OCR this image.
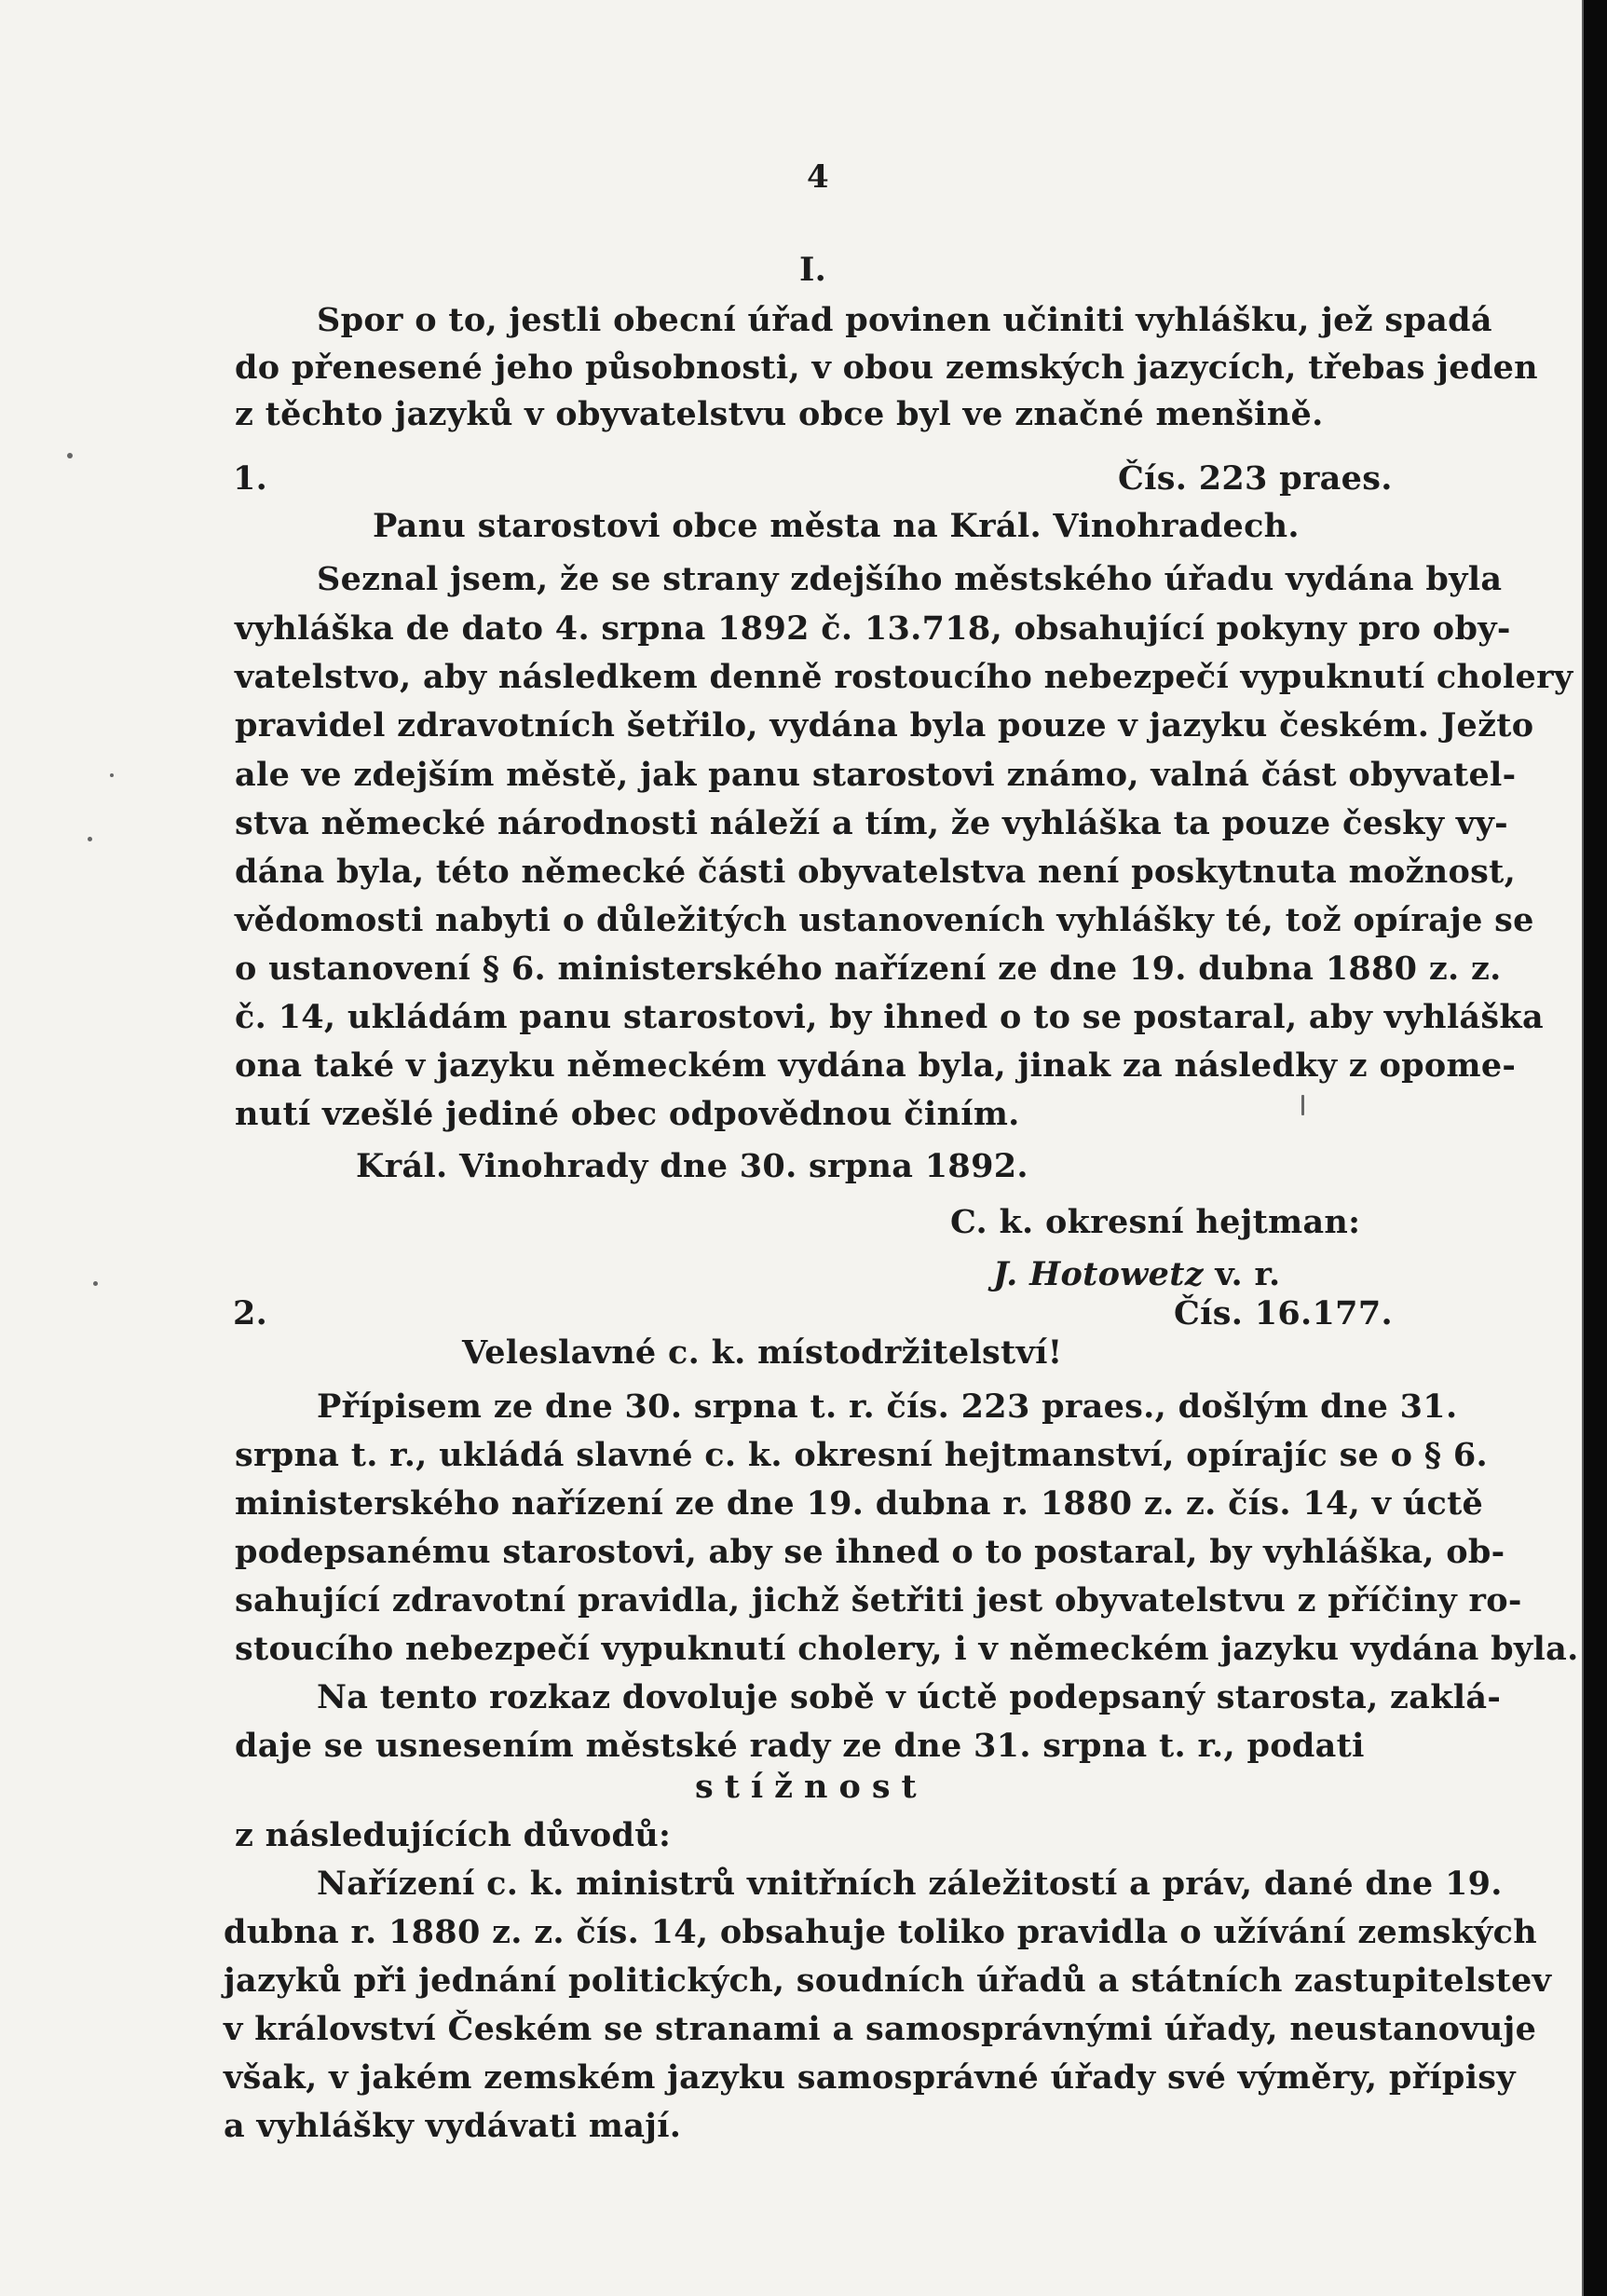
4
I.
Spor o to, jestli obecní úřad povinen učiniti vyhlášku, jež spadá
do přenesené jeho působnosti, v obou zemských jazycích, třebas jeden
z těchto jazyků v obyvatelstvu obce byl ve značné menšině.
1.	Čís. 223 praes.
Panu starostovi obce města na Král. Vinohradech.
Seznal jsem, že se strany zdejšího městského úřadu vydána byla
vyhláška de dato 4. srpna 1892 č. 13.718, obsahující pokyny pro oby-
vatelstvo, aby následkem denně rostoucího nebezpečí vypuknutí cholery
pravidel zdravotních šetřilo, vydána byla pouze v jazyku českém. Ježto
ale ve zdejším městě, jak panu starostovi známo, valná část obyvatel-
stva německé národnosti náleží a tím, že vyhláška ta pouze česky vy-
dána byla, této německé části obyvatelstva není poskytnuta možnost,
vědomosti nabyti o důležitých ustanoveních vyhlášky té, tož opíraje se
o ustanovení § 6. ministerského nařízení ze dne 19. dubna 1880 z. z.
č. 14, ukládám panu starostovi, by ihned o to se postaral, aby vyhláška
ona také v jazyku německém vydána byla, jinak za následky z opome-
nutí vzešlé jediné obec odpovědnou činím.
Král. Vinohrady dne 30. srpna 1892.
C. k. okresní hejtman:
J. Hotowetz v. r.
2.	Čís. 16.177.
Veleslavné c. k. místodržitelství!
Přípisem ze dne 30. srpna t. r. čís. 223 praes., došlým dne 31.
srpna t. r., ukládá slavné c. k. okresní hejtmanství, opírajíc se o § 6.
ministerského nařízení ze dne 19. dubna r. 1880 z. z. čís. 14, v úctě
podepsanému starostovi, aby se ihned o to postaral, by vyhláška, ob-
sahující zdravotní pravidla, jichž šetřiti jest obyvatelstvu z příčiny ro-
stoucího nebezpečí vypuknutí cholery, i v německém jazyku vydána byla.
Na tento rozkaz dovoluje sobě v úctě podepsaný starosta, zaklá-
daje se usnesením městské rady ze dne 31. srpna t. r., podati
stížnost
z následujících důvodů:
Nařízení c. k. ministrů vnitřních záležitostí a práv, dané dne 19.
dubna r. 1880 z. z. čís. 14, obsahuje toliko pravidla o užívání zemských
jazyků při jednání politických, soudních úřadů a státních zastupitelstev
v království Českém se stranami a samosprávnými úřady, neustanovuje
však, v jakém zemském jazyku samosprávné úřady své výměry, přípisy
a vyhlášky vydávati mají.
